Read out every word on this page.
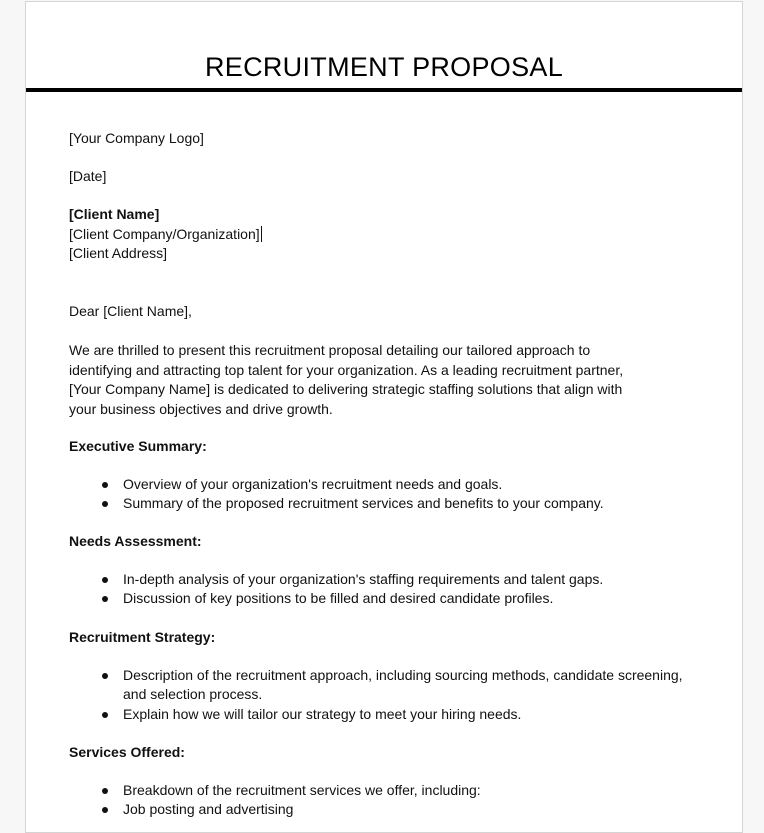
RECRUITMENT PROPOSAL
[Your Company Logo]
[Date]
[Client Name]
[Client Company/Organization]
[Client Address]
Dear [Client Name],
We are thrilled to present this recruitment proposal detailing our tailored approach to
identifying and attracting top talent for your organization. As a leading recruitment partner,
[Your Company Name] is dedicated to delivering strategic staffing solutions that align with
your business objectives and drive growth.
Executive Summary:
Overview of your organization's recruitment needs and goals.
Summary of the proposed recruitment services and benefits to your company.
Needs Assessment:
In-depth analysis of your organization's staffing requirements and talent gaps.
Discussion of key positions to be filled and desired candidate profiles.
Recruitment Strategy:
Description of the recruitment approach, including sourcing methods, candidate screening, and selection process.
Explain how we will tailor our strategy to meet your hiring needs.
Services Offered:
Breakdown of the recruitment services we offer, including:
Job posting and advertising
